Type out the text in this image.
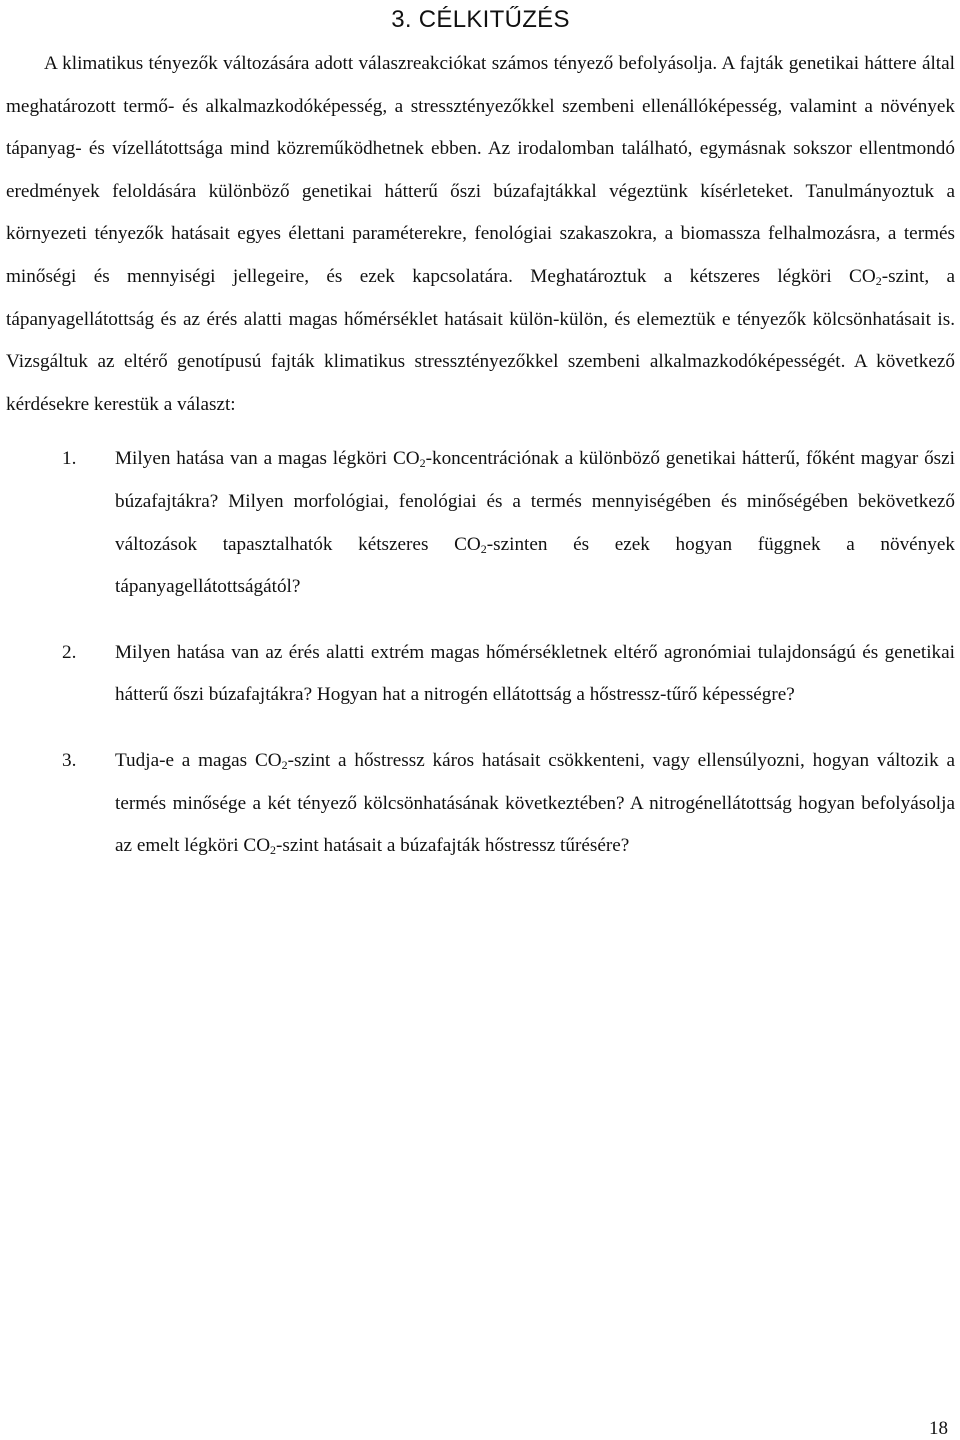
3. CÉLKITŰZÉS

A klimatikus tényezők változására adott válaszreakciókat számos tényező befolyásolja. A fajták genetikai háttere által meghatározott termő- és alkalmazkodóképesség, a stressztényezőkkel szembeni ellenállóképesség, valamint a növények tápanyag- és vízellátottsága mind közreműködhetnek ebben. Az irodalomban található, egymásnak sokszor ellentmondó eredmények feloldására különböző genetikai hátterű őszi búzafajtákkal végeztünk kísérleteket. Tanulmányoztuk a környezeti tényezők hatásait egyes élettani paraméterekre, fenológiai szakaszokra, a biomassza felhalmozásra, a termés minőségi és mennyiségi jellegeire, és ezek kapcsolatára. Meghatároztuk a kétszeres légköri $CO_2$-szint, a tápanyagellátottság és az érés alatti magas hőmérséklet hatásait külön-külön, és elemeztük e tényezők kölcsönhatásait is. Vizsgáltuk az eltérő genotípusú fajták klimatikus stressztényezőkkel szembeni alkalmazkodóképességét. A következő kérdésekre kerestük a választ:

1. Milyen hatása van a magas légköri $CO_2$-koncentrációnak a különböző genetikai hátterű, főként magyar őszi búzafajtákra? Milyen morfológiai, fenológiai és a termés mennyiségében és minőségében bekövetkező változások tapasztalhatók kétszeres $CO_2$-szinten és ezek hogyan függnek a növények tápanyagellátottságától?
2. Milyen hatása van az érés alatti extrém magas hőmérsékletnek eltérő agronómiai tulajdonságú és genetikai hátterű őszi búzafajtákra? Hogyan hat a nitrogén ellátottság a hőstressz-tűrő képességre?
3. Tudja-e a magas $CO_2$-szint a hőstressz káros hatásait csökkenteni, vagy ellensúlyozni, hogyan változik a termés minősége a két tényező kölcsönhatásának következtében? A nitrogénellátottság hogyan befolyásolja az emelt légköri $CO_2$-szint hatásait a búzafajták hőstressz tűrésére?
18
